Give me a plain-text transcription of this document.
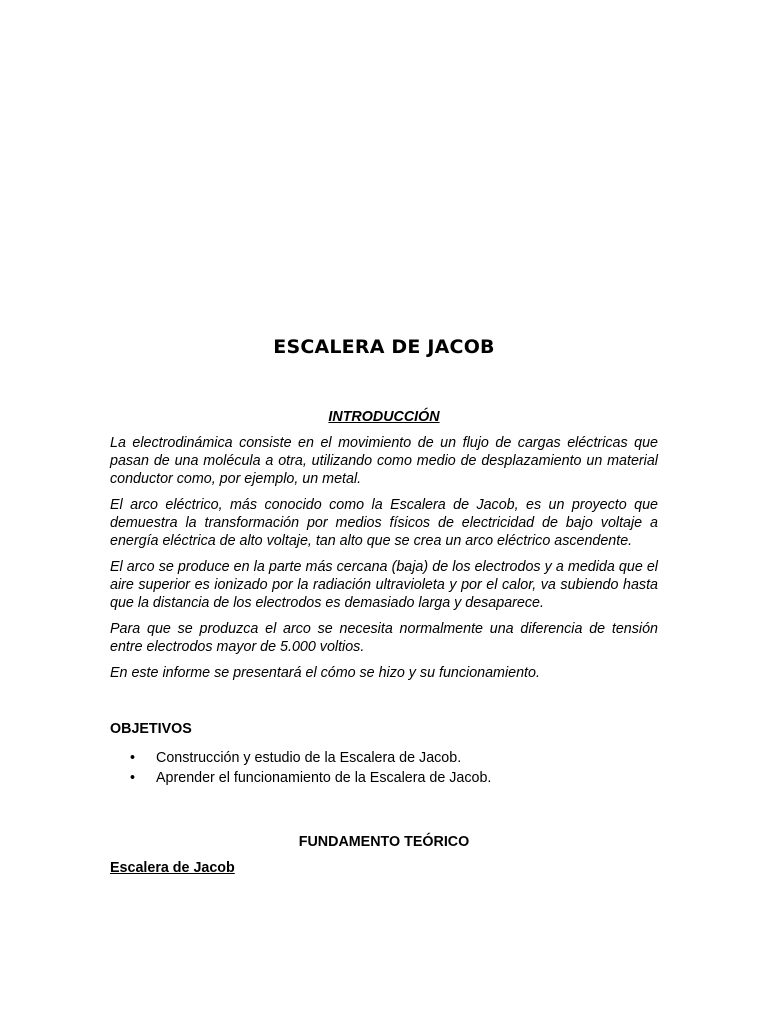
ESCALERA DE JACOB
INTRODUCCIÓN

La electrodinámica consiste en el movimiento de un flujo de cargas eléctricas que pasan de una molécula a otra, utilizando como medio de desplazamiento un material conductor como, por ejemplo, un metal.

El arco eléctrico, más conocido como la Escalera de Jacob, es un proyecto que demuestra la transformación por medios físicos de electricidad de bajo voltaje a energía eléctrica de alto voltaje, tan alto que se crea un arco eléctrico ascendente.

El arco se produce en la parte más cercana (baja) de los electrodos y a medida que el aire superior es ionizado por la radiación ultravioleta y por el calor, va subiendo hasta que la distancia de los electrodos es demasiado larga y desaparece.

Para que se produzca el arco se necesita normalmente una diferencia de tensión entre electrodos mayor de 5.000 voltios.

En este informe se presentará el cómo se hizo y su funcionamiento.

OBJETIVOS
• Construcción y estudio de la Escalera de Jacob.
• Aprender el funcionamiento de la Escalera de Jacob.
FUNDAMENTO TEÓRICO
Escalera de Jacob
